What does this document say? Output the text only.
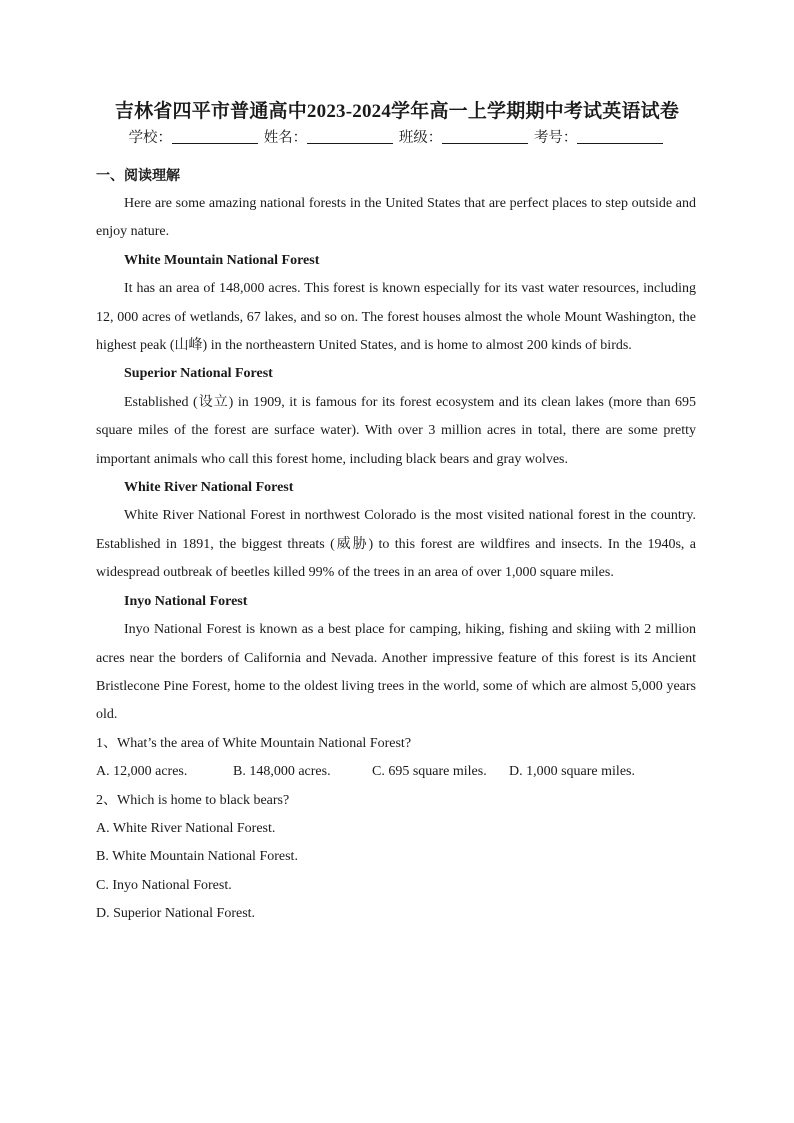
吉林省四平市普通高中2023-2024学年高一上学期期中考试英语试卷
学校：	姓名：	班级：	考号：

一、阅读理解

Here are some amazing national forests in the United States that are perfect places to step outside and enjoy nature.

White Mountain National Forest

It has an area of 148,000 acres. This forest is known especially for its vast water resources, including 12, 000 acres of wetlands, 67 lakes, and so on. The forest houses almost the whole Mount Washington, the highest peak (山峰) in the northeastern United States, and is home to almost 200 kinds of birds.

Superior National Forest

Established (设立) in 1909, it is famous for its forest ecosystem and its clean lakes (more than 695 square miles of the forest are surface water). With over 3 million acres in total, there are some pretty important animals who call this forest home, including black bears and gray wolves.

White River National Forest

White River National Forest in northwest Colorado is the most visited national forest in the country. Established in 1891, the biggest threats (威胁) to this forest are wildfires and insects. In the 1940s, a widespread outbreak of beetles killed 99% of the trees in an area of over 1,000 square miles.

Inyo National Forest

Inyo National Forest is known as a best place for camping, hiking, fishing and skiing with 2 million acres near the borders of California and Nevada. Another impressive feature of this forest is its Ancient Bristlecone Pine Forest, home to the oldest living trees in the world, some of which are almost 5,000 years old.

1、What’s the area of White Mountain National Forest?

A. 12,000 acres.	B. 148,000 acres.	C. 695 square miles.	D. 1,000 square miles.

2、Which is home to black bears?

A. White River National Forest.

B. White Mountain National Forest.

C. Inyo National Forest.

D. Superior National Forest.
